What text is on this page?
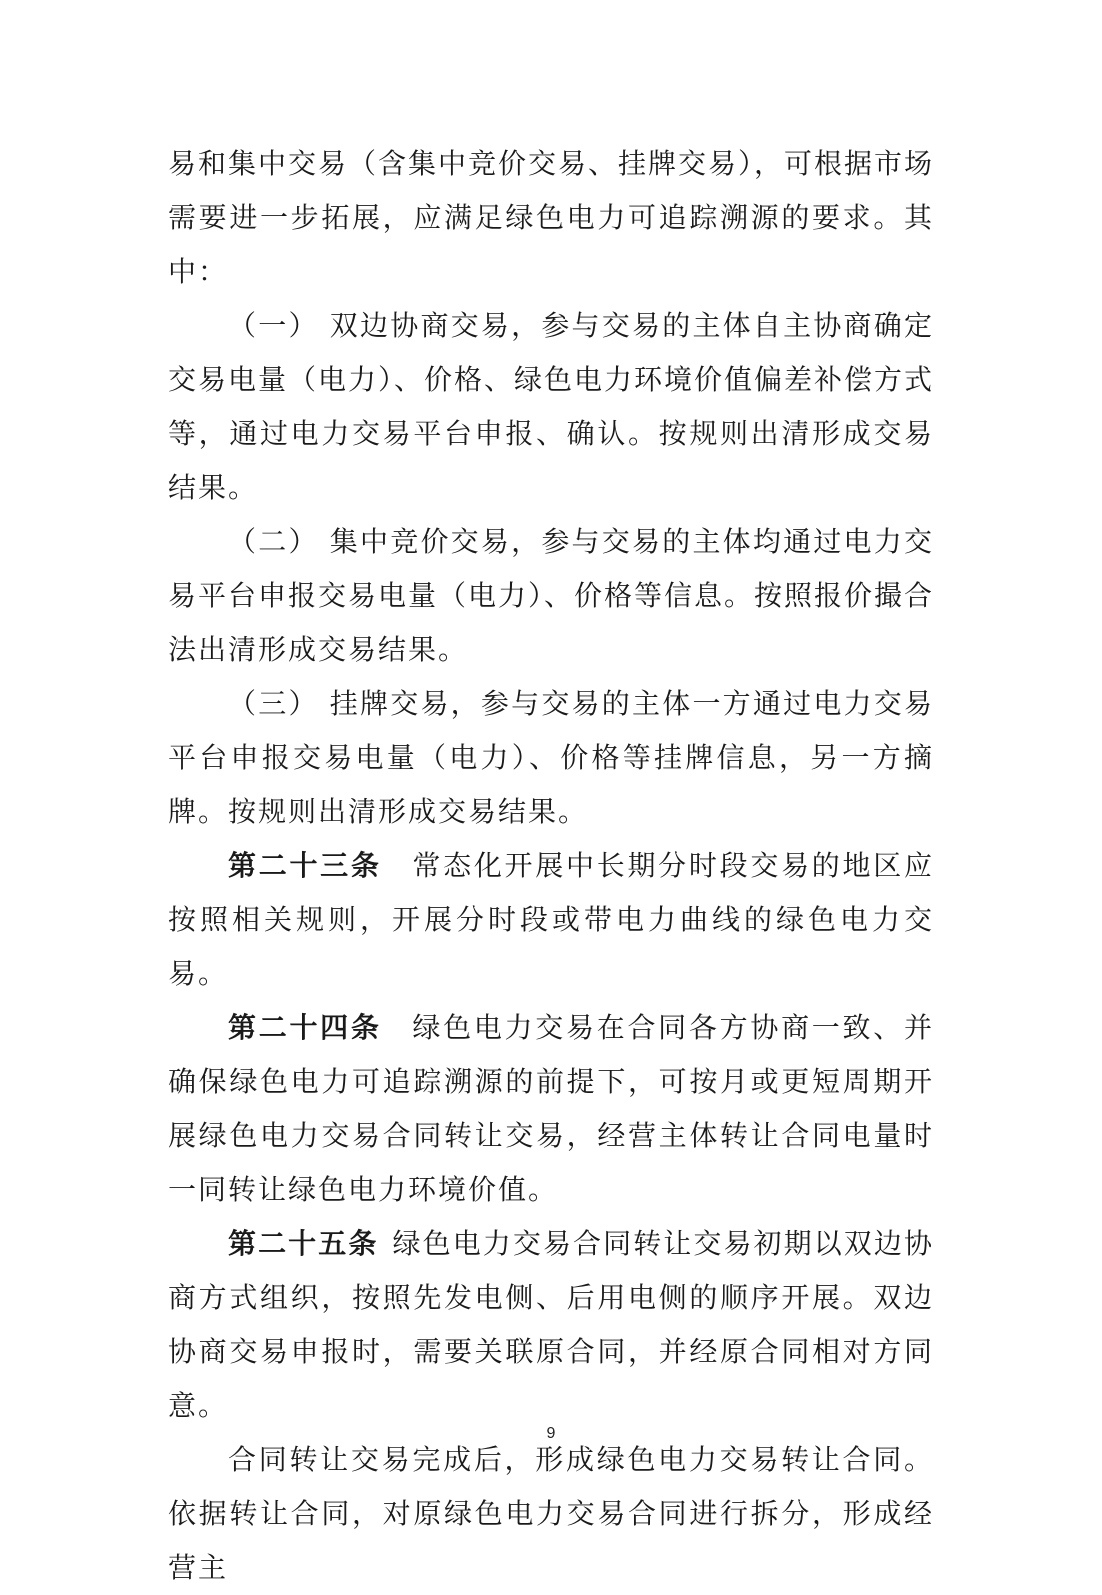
易和集中交易（含集中竞价交易、挂牌交易），可根据市场需要进一步拓展，应满足绿色电力可追踪溯源的要求。其中：

（一） 双边协商交易，参与交易的主体自主协商确定交易电量（电力）、价格、绿色电力环境价值偏差补偿方式等，通过电力交易平台申报、确认。按规则出清形成交易结果。

（二） 集中竞价交易，参与交易的主体均通过电力交易平台申报交易电量（电力）、价格等信息。按照报价撮合法出清形成交易结果。

（三） 挂牌交易，参与交易的主体一方通过电力交易平台申报交易电量（电力）、价格等挂牌信息，另一方摘牌。按规则出清形成交易结果。

第二十三条 常态化开展中长期分时段交易的地区应按照相关规则，开展分时段或带电力曲线的绿色电力交易。

第二十四条 绿色电力交易在合同各方协商一致、并确保绿色电力可追踪溯源的前提下，可按月或更短周期开展绿色电力交易合同转让交易，经营主体转让合同电量时一同转让绿色电力环境价值。

第二十五条 绿色电力交易合同转让交易初期以双边协商方式组织，按照先发电侧、后用电侧的顺序开展。双边协商交易申报时，需要关联原合同，并经原合同相对方同意。

合同转让交易完成后，形成绿色电力交易转让合同。依据转让合同，对原绿色电力交易合同进行拆分，形成经营主

9
